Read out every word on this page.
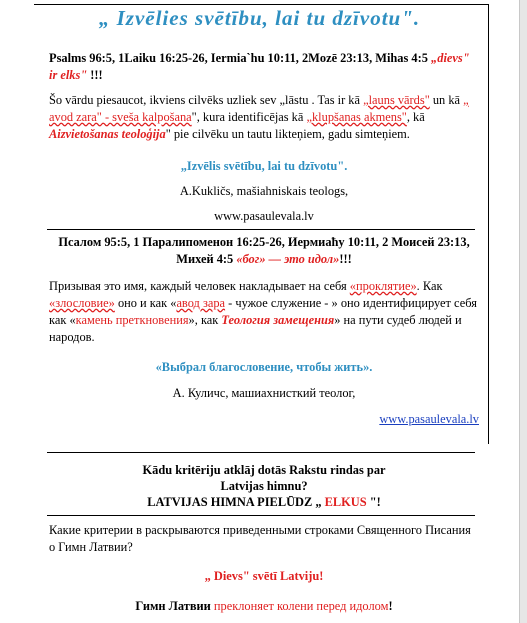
„ Izvēlies svētību, lai tu dzīvotu".
Psalms 96:5, 1Laiku 16:25-26, Iermia`hu 10:11, 2Mozē 23:13, Mihas 4:5 „dievs" ir elks" !!!
Šo vārdu piesaucot, ikviens cilvēks uzliek sev „lāstu . Tas ir kā „launs vārds" un kā „ avod zara" - sveša kalpošana", kura identificējas kā „klupšanas akmens", kā Aizvietošanas teoloģija" pie cilvēku un tautu likteņiem, gadu simteņiem.
„Izvēlis svētību, lai tu dzīvotu".
A.Kukličs, mašiahniskais teologs,
www.pasaulevala.lv
Псалом 95:5, 1 Паралипоменон 16:25-26, Иермиаћу 10:11, 2 Моисей 23:13, Михей 4:5 «бог» — это идол»!!!
Призывая это имя, каждый человек накладывает на себя «проклятие». Как «злословие» оно и как «авод зара - чужое служение - » оно идентифицирует себя как «камень преткновения», как Теология замещения» на пути судеб людей и народов.
«Выбрал благословение, чтобы жить».
А. Куличс, машиахнисткий теолог,
www.pasaulevala.lv
Kādu kritēriju atklāj dotās Rakstu rindas par
Latvijas himnu?
LATVIJAS HIMNA PIELŪDZ „ ELKUS "!
Какие критерии в раскрываются приведенными строками Священного Писания о Гимн Латвии?
„ Dievs" svētī Latviju!
Гимн Латвии преклоняет колени перед идолом!
